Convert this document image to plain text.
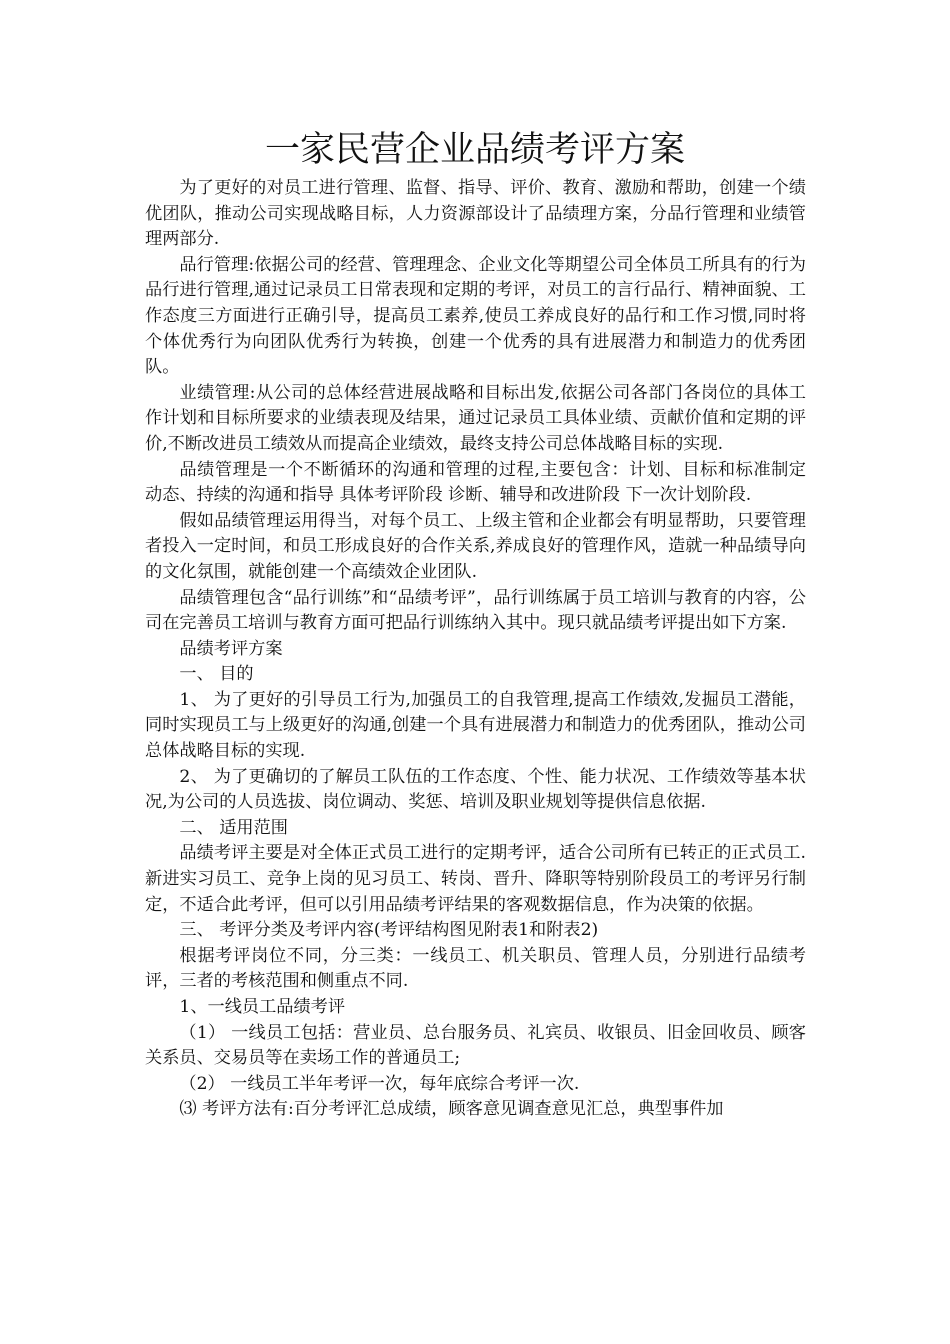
一家民营企业品绩考评方案

为了更好的对员工进行管理、监督、指导、评价、教育、激励和帮助，创建一个绩优团队，推动公司实现战略目标，人力资源部设计了品绩理方案，分品行管理和业绩管理两部分.

品行管理:依据公司的经营、管理理念、企业文化等期望公司全体员工所具有的行为品行进行管理,通过记录员工日常表现和定期的考评，对员工的言行品行、精神面貌、工作态度三方面进行正确引导，提高员工素养,使员工养成良好的品行和工作习惯,同时将个体优秀行为向团队优秀行为转换，创建一个优秀的具有进展潜力和制造力的优秀团队。

业绩管理:从公司的总体经营进展战略和目标出发,依据公司各部门各岗位的具体工作计划和目标所要求的业绩表现及结果，通过记录员工具体业绩、贡献价值和定期的评价,不断改进员工绩效从而提高企业绩效，最终支持公司总体战略目标的实现.

品绩管理是一个不断循环的沟通和管理的过程,主要包含：计划、目标和标准制定 动态、持续的沟通和指导 具体考评阶段 诊断、辅导和改进阶段 下一次计划阶段.

假如品绩管理运用得当，对每个员工、上级主管和企业都会有明显帮助，只要管理者投入一定时间，和员工形成良好的合作关系,养成良好的管理作风，造就一种品绩导向的文化氛围，就能创建一个高绩效企业团队.

品绩管理包含“品行训练”和“品绩考评”，品行训练属于员工培训与教育的内容，公司在完善员工培训与教育方面可把品行训练纳入其中。现只就品绩考评提出如下方案.

品绩考评方案

一、 目的

1、 为了更好的引导员工行为,加强员工的自我管理,提高工作绩效,发掘员工潜能，同时实现员工与上级更好的沟通,创建一个具有进展潜力和制造力的优秀团队，推动公司总体战略目标的实现.

2、 为了更确切的了解员工队伍的工作态度、个性、能力状况、工作绩效等基本状况,为公司的人员选拔、岗位调动、奖惩、培训及职业规划等提供信息依据.

二、 适用范围

品绩考评主要是对全体正式员工进行的定期考评，适合公司所有已转正的正式员工.新进实习员工、竞争上岗的见习员工、转岗、晋升、降职等特别阶段员工的考评另行制定，不适合此考评，但可以引用品绩考评结果的客观数据信息，作为决策的依据。

三、 考评分类及考评内容(考评结构图见附表1和附表2)

根据考评岗位不同，分三类：一线员工、机关职员、管理人员，分别进行品绩考评，三者的考核范围和侧重点不同.

1、一线员工品绩考评

（1） 一线员工包括：营业员、总台服务员、礼宾员、收银员、旧金回收员、顾客关系员、交易员等在卖场工作的普通员工;

（2） 一线员工半年考评一次，每年底综合考评一次.

⑶ 考评方法有:百分考评汇总成绩，顾客意见调查意见汇总，典型事件加
